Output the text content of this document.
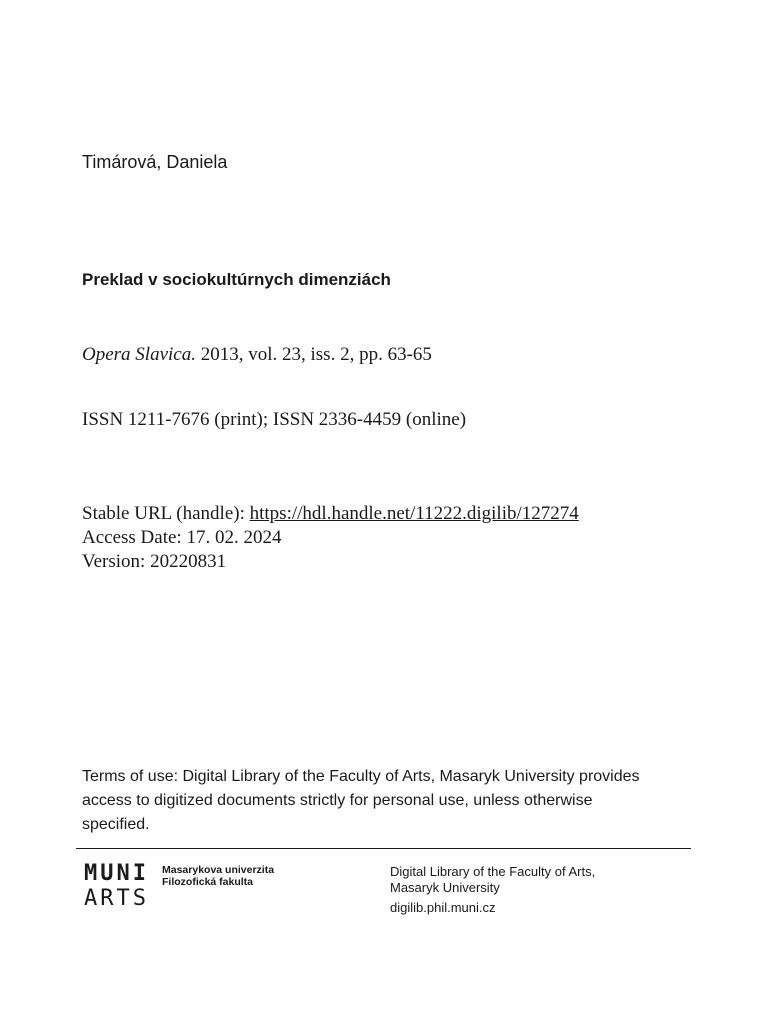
Timárová, Daniela
Preklad v sociokultúrnych dimenziách
Opera Slavica. 2013, vol. 23, iss. 2, pp. 63-65
ISSN 1211-7676 (print); ISSN 2336-4459 (online)
Stable URL (handle): https://hdl.handle.net/11222.digilib/127274
Access Date: 17. 02. 2024
Version: 20220831
Terms of use: Digital Library of the Faculty of Arts, Masaryk University provides access to digitized documents strictly for personal use, unless otherwise specified.
MUNI
ARTS
Masarykova univerzita
Filozofická fakulta
Digital Library of the Faculty of Arts,
Masaryk University
digilib.phil.muni.cz
